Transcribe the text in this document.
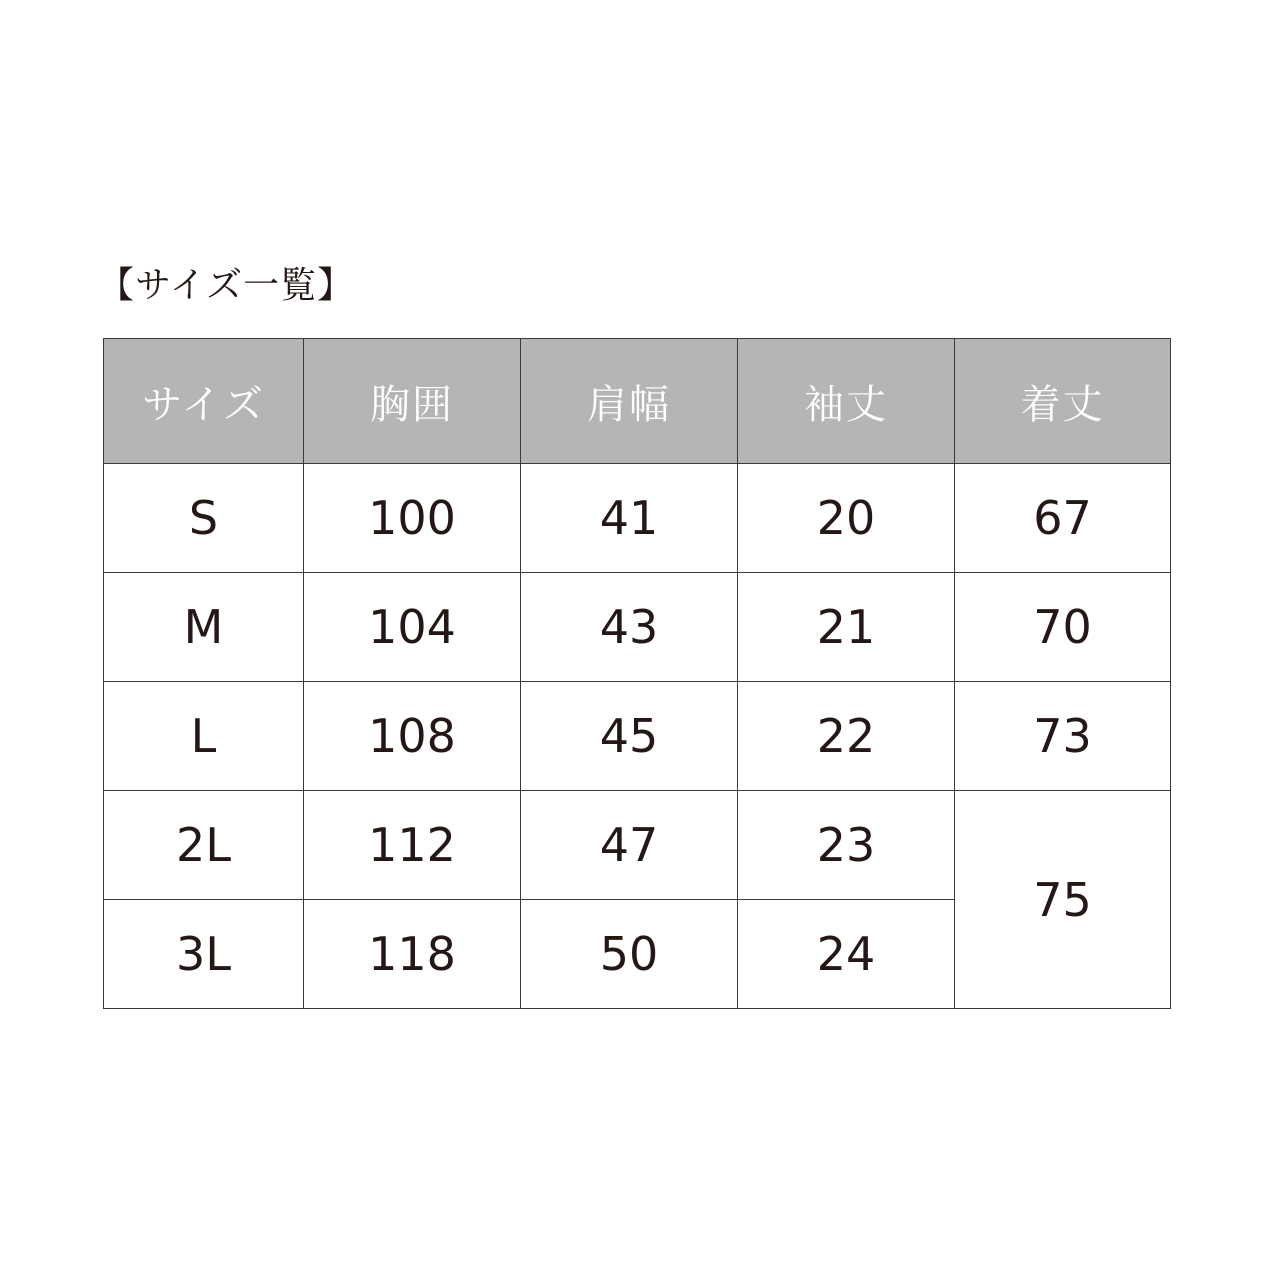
【サイズ一覧】
サイズ	胸囲	肩幅	袖丈	着丈
S	100	41	20	67
M	104	43	21	70
L	108	45	22	73
2L	112	47	23	75
3L	118	50	24	
